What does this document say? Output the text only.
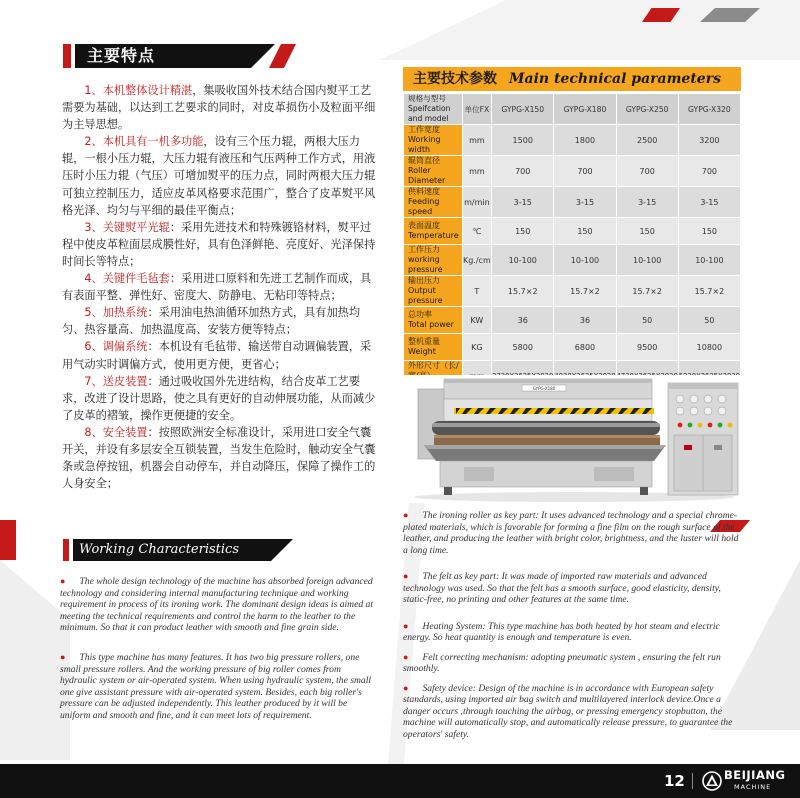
主要特点

1、本机整体设计精湛，集吸收国外技术结合国内熨平工艺需要为基础，以达到工艺要求的同时，对皮革损伤小及粒面平细为主导思想。

2、本机具有一机多功能，设有三个压力辊，两根大压力辊，一根小压力辊，大压力辊有液压和气压两种工作方式，用液压时小压力辊（气压）可增加熨平的压力点，同时两根大压力辊可独立控制压力，适应皮革风格要求范围广，整合了皮革熨平风格光泽、均匀与平细的最佳平衡点；

3、关键熨平光辊：采用先进技术和特殊镀铬材料，熨平过程中使皮革粒面层成膜性好，具有色泽鲜艳、亮度好、光泽保持时间长等特点；

4、关键件毛毡套：采用进口原料和先进工艺制作而成，具有表面平整、弹性好、密度大、防静电、无粘印等特点；

5、加热系统：采用油电热油循环加热方式，具有加热均匀、热容量高、加热温度高、安装方便等特点；

6、调偏系统：本机设有毛毡带、输送带自动调偏装置，采用气动实时调偏方式，使用更方便，更省心；

7、送皮装置：通过吸收国外先进结构，结合皮革工艺要求，改进了设计思路，使之具有更好的自动伸展功能，从而减少了皮革的褶皱，操作更便捷的安全。

8、安全装置：按照欧洲安全标准设计，采用进口安全气囊开关，并设有多层安全互锁装置，当发生危险时，触动安全气囊条或急停按钮，机器会自动停车，并自动降压，保障了操作工的人身安全；

Working Characteristics

● The whole design technology of the machine has absorbed foreign advanced technology and considering internal manufacturing technique and working requirement in process of its ironing work. The dominant design ideas is aimed at meeting the technical requirements and control the harm to the leather to the minimum. So that it can product leather with smooth and fine grain side.

● This type machine has many features. It has two big pressure rollers, one small pressure rollers. And the working pressure of big roller comes from hydraulic system or air-operated system. When using hydraulic system, the small one give assistant pressure with air-operated system. Besides, each big roller's pressure can be adjusted independently. This leather produced by it will be uniform and smooth and fine, and it can meet lots of requirement.

主要技术参数 Main technical parameters
规格与型号
Speifcation and model	单位FX	GYPG-X150	GYPG-X180	GYPG-X250	GYPG-X320
工作宽度
Working width	mm	1500	1800	2500	3200
辊筒直径
Roller Diameter	mm	700	700	700	700
供料速度
Feeding speed	m/min	3-15	3-15	3-15	3-15
表面温度
Temperature	℃	150	150	150	150
工作压力
working pressure	Kg./cm	10-100	10-100	10-100	10-100
输出压力
Output pressure	T	15.7×2	15.7×2	15.7×2	15.7×2
总功率
Total power	KW	36	36	50	50
整机重量
Weight	KG	5800	6800	9500	10800
外形尺寸（长/

GYPG-X180

● The ironing roller as key part: It uses advanced technology and a special chrome-plated materials, which is favorable for forming a fine film on the rough surface of the leather, and producing the leather with bright color, brightness, and the luster will hold a long time.

● The felt as key part: It was made of imported raw materials and advanced technology was used. So that the felt has a smooth surface, good elasticity, density, static-free, no printing and other features at the same time.

● Heating System: This type machine has both heated by hot steam and electric energy. So heat quantity is enough and temperature is even.

● Felt correcting mechanism: adopting pneumatic system , ensuring the felt run smoothly.

● Safety device: Design of the machine is in accordance with European safety standards, using imported air bag switch and multilayered interlock device.Once a danger occurs ,through touching the airbag, or pressing emergency stopbutton, the machine will automatically stop, and automatically release pressure, to guarantee the operators' safety.

12	BEIJIANG
MACHINE
